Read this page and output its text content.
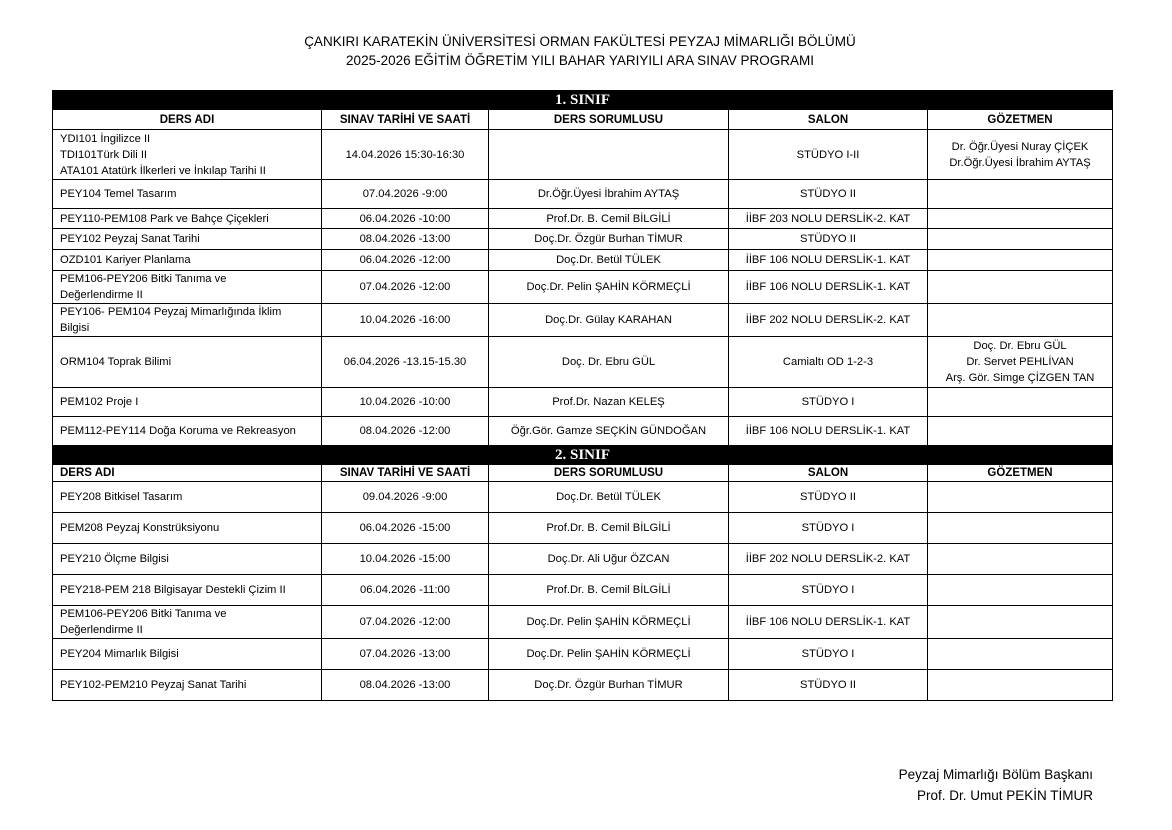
ÇANKIRI KARATEKİN ÜNİVERSİTESİ ORMAN FAKÜLTESİ PEYZAJ MİMARLIĞI BÖLÜMÜ
2025-2026 EĞİTİM ÖĞRETİM YILI BAHAR YARIYILI ARA SINAV PROGRAMI
1. SINIF				
DERS ADI	SINAV TARİHİ VE SAATİ	DERS SORUMLUSU	SALON	GÖZETMEN

YDI101 İngilizce II
TDI101Türk Dili II
ATA101 Atatürk İlkerleri ve İnkılap Tarihi II	14.04.2026 15:30-16:30		STÜDYO I-II	Dr. Öğr.Üyesi Nuray ÇİÇEK
Dr.Öğr.Üyesi İbrahim AYTAŞ

PEY104 Temel Tasarım	07.04.2026 -9:00	Dr.Öğr.Üyesi İbrahim AYTAŞ	STÜDYO II	

PEY110-PEM108 Park ve Bahçe Çiçekleri	06.04.2026 -10:00	Prof.Dr. B. Cemil BİLGİLİ	İİBF 203 NOLU DERSLİK-2. KAT	

PEY102 Peyzaj Sanat Tarihi	08.04.2026 -13:00	Doç.Dr. Özgür Burhan TİMUR	STÜDYO II	

OZD101 Kariyer Planlama	06.04.2026 -12:00	Doç.Dr. Betül TÜLEK	İİBF 106 NOLU DERSLİK-1. KAT	

PEM106-PEY206 Bitki Tanıma ve
Değerlendirme II	07.04.2026 -12:00	Doç.Dr. Pelin ŞAHİN KÖRMEÇLİ	İİBF 106 NOLU DERSLİK-1. KAT	

PEY106- PEM104 Peyzaj Mimarlığında İklim
Bilgisi	10.04.2026 -16:00	Doç.Dr. Gülay KARAHAN	İİBF 202 NOLU DERSLİK-2. KAT	

ORM104 Toprak Bilimi	06.04.2026 -13.15-15.30	Doç. Dr. Ebru GÜL	Camialtı OD 1-2-3	Doç. Dr. Ebru GÜL
Dr. Servet PEHLİVAN
Arş. Gör. Simge ÇİZGEN TAN

PEM102 Proje I	10.04.2026 -10:00	Prof.Dr. Nazan KELEŞ	STÜDYO I	

PEM112-PEY114 Doğa Koruma ve Rekreasyon	08.04.2026 -12:00	Öğr.Gör. Gamze SEÇKİN GÜNDOĞAN	İİBF 106 NOLU DERSLİK-1. KAT	
2. SINIF				
DERS ADI	SINAV TARİHİ VE SAATİ	DERS SORUMLUSU	SALON	GÖZETMEN

PEY208 Bitkisel Tasarım	09.04.2026 -9:00	Doç.Dr. Betül TÜLEK	STÜDYO II	

PEM208 Peyzaj Konstrüksiyonu	06.04.2026 -15:00	Prof.Dr. B. Cemil BİLGİLİ	STÜDYO I	

PEY210 Ölçme Bilgisi	10.04.2026 -15:00	Doç.Dr. Ali Uğur ÖZCAN	İİBF 202 NOLU DERSLİK-2. KAT	

PEY218-PEM 218 Bilgisayar Destekli Çizim II	06.04.2026 -11:00	Prof.Dr. B. Cemil BİLGİLİ	STÜDYO I	

PEM106-PEY206 Bitki Tanıma ve
Değerlendirme II	07.04.2026 -12:00	Doç.Dr. Pelin ŞAHİN KÖRMEÇLİ	İİBF 106 NOLU DERSLİK-1. KAT	

PEY204 Mimarlık Bilgisi	07.04.2026 -13:00	Doç.Dr. Pelin ŞAHİN KÖRMEÇLİ	STÜDYO I	

PEY102-PEM210 Peyzaj Sanat Tarihi	08.04.2026 -13:00	Doç.Dr. Özgür Burhan TİMUR	STÜDYO II	
Peyzaj Mimarlığı Bölüm Başkanı
Prof. Dr. Umut PEKİN TİMUR
